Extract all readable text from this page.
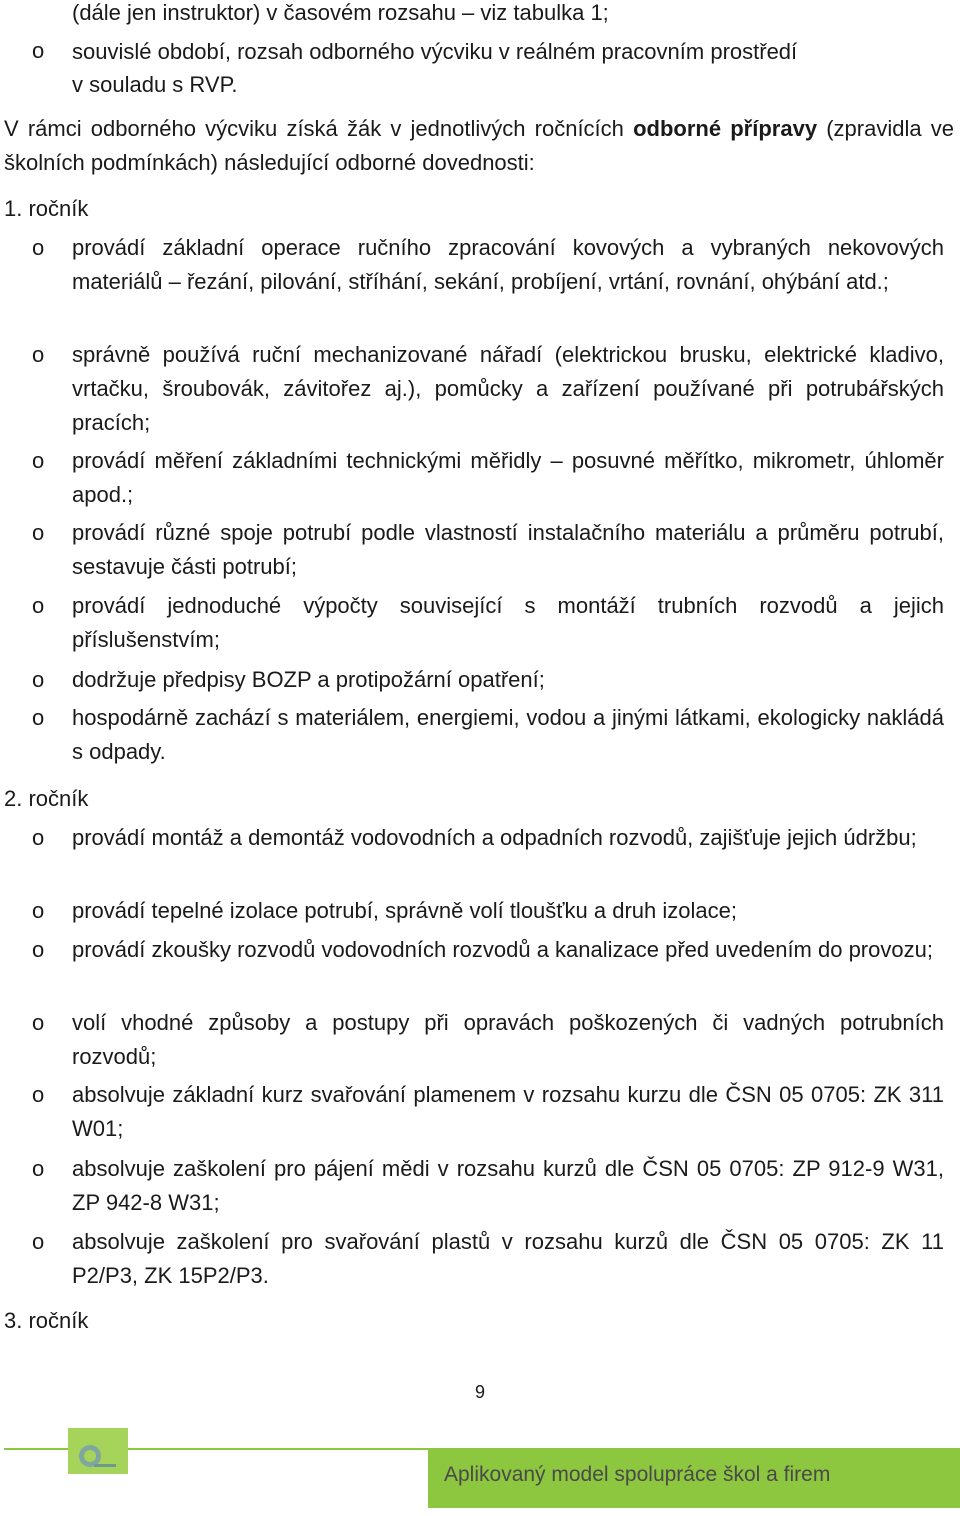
(dále jen instruktor) v časovém rozsahu – viz tabulka 1;
o souvislé období, rozsah odborného výcviku v reálném pracovním prostředí
v souladu s RVP.
V rámci odborného výcviku získá žák v jednotlivých ročnících odborné přípravy (zpravidla ve školních podmínkách) následující odborné dovednosti:
1. ročník
o provádí základní operace ručního zpracování kovových a vybraných nekovových materiálů – řezání, pilování, stříhání, sekání, probíjení, vrtání, rovnání, ohýbání atd.;
o správně používá ruční mechanizované nářadí (elektrickou brusku, elektrické kladivo, vrtačku, šroubovák, závitořez aj.), pomůcky a zařízení používané při potrubářských pracích;
o provádí měření základními technickými měřidly – posuvné měřítko, mikrometr, úhloměr apod.;
o provádí různé spoje potrubí podle vlastností instalačního materiálu a průměru potrubí, sestavuje části potrubí;
o provádí jednoduché výpočty související s montáží trubních rozvodů a jejich příslušenstvím;
o dodržuje předpisy BOZP a protipožární opatření;
o hospodárně zachází s materiálem, energiemi, vodou a jinými látkami, ekologicky nakládá s odpady.
2. ročník
o provádí montáž a demontáž vodovodních a odpadních rozvodů, zajišťuje jejich údržbu;
o provádí tepelné izolace potrubí, správně volí tloušťku a druh izolace;
o provádí zkoušky rozvodů vodovodních rozvodů a kanalizace před uvedením do provozu;
o volí vhodné způsoby a postupy při opravách poškozených či vadných potrubních rozvodů;
o absolvuje základní kurz svařování plamenem v rozsahu kurzu dle ČSN 05 0705: ZK 311 W01;
o absolvuje zaškolení pro pájení mědi v rozsahu kurzů dle ČSN 05 0705: ZP 912-9 W31, ZP 942-8 W31;
o absolvuje zaškolení pro svařování plastů v rozsahu kurzů dle ČSN 05 0705: ZK 11 P2/P3, ZK 15P2/P3.
3. ročník
9
Aplikovaný model spolupráce škol a firem
